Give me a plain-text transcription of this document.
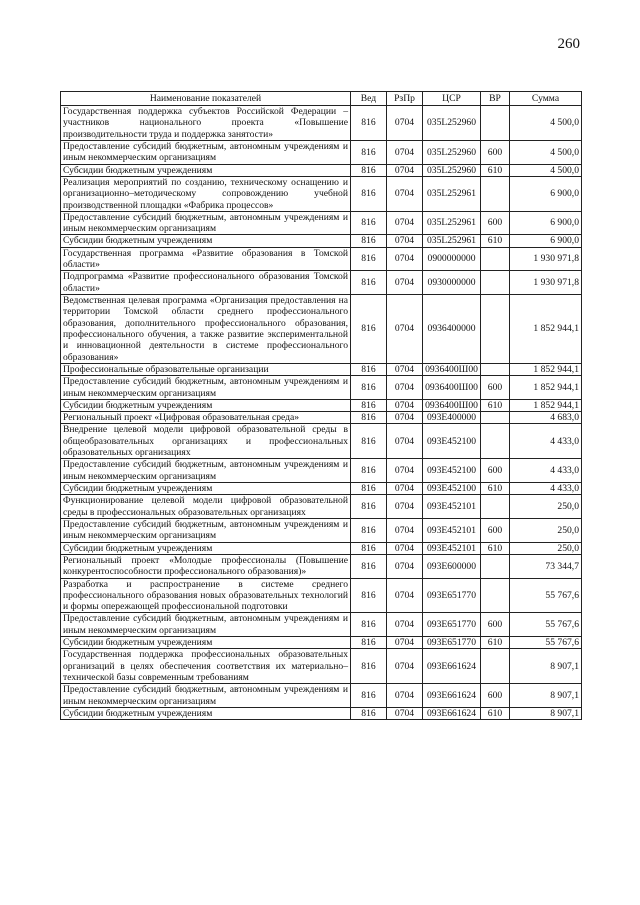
260
Наименование показателей	Вед	РзПр	ЦСР	ВР	Сумма
Государственная поддержка субъектов Российской Федерации – участников национального проекта «Повышение производительности труда и поддержка занятости»	816	0704	035L252960		4 500,0
Предоставление субсидий бюджетным, автономным учреждениям и иным некоммерческим организациям	816	0704	035L252960	600	4 500,0
Субсидии бюджетным учреждениям	816	0704	035L252960	610	4 500,0
Реализация мероприятий по созданию, техническому оснащению и организационно–методическому сопровождению учебной производственной площадки «Фабрика процессов»	816	0704	035L252961		6 900,0
Предоставление субсидий бюджетным, автономным учреждениям и иным некоммерческим организациям	816	0704	035L252961	600	6 900,0
Субсидии бюджетным учреждениям	816	0704	035L252961	610	6 900,0
Государственная программа «Развитие образования в Томской области»	816	0704	0900000000		1 930 971,8
Подпрограмма «Развитие профессионального образования Томской области»	816	0704	0930000000		1 930 971,8
Ведомственная целевая программа «Организация предоставления на территории Томской области среднего профессионального образования, дополнительного профессионального образования, профессионального обучения, а также развитие экспериментальной и инновационной деятельности в системе профессионального образования»	816	0704	0936400000		1 852 944,1
Профессиональные образовательные организации	816	0704	0936400Ш00		1 852 944,1
Предоставление субсидий бюджетным, автономным учреждениям и иным некоммерческим организациям	816	0704	0936400Ш00	600	1 852 944,1
Субсидии бюджетным учреждениям	816	0704	0936400Ш00	610	1 852 944,1
Региональный проект «Цифровая образовательная среда»	816	0704	093Е400000		4 683,0
Внедрение целевой модели цифровой образовательной среды в общеобразовательных организациях и профессиональных образовательных организациях	816	0704	093Е452100		4 433,0
Предоставление субсидий бюджетным, автономным учреждениям и иным некоммерческим организациям	816	0704	093Е452100	600	4 433,0
Субсидии бюджетным учреждениям	816	0704	093Е452100	610	4 433,0
Функционирование целевой модели цифровой образовательной среды в профессиональных образовательных организациях	816	0704	093Е452101		250,0
Предоставление субсидий бюджетным, автономным учреждениям и иным некоммерческим организациям	816	0704	093Е452101	600	250,0
Субсидии бюджетным учреждениям	816	0704	093Е452101	610	250,0
Региональный проект «Молодые профессионалы (Повышение конкурентоспособности профессионального образования)»	816	0704	093Е600000		73 344,7
Разработка и распространение в системе среднего профессионального образования новых образовательных технологий и формы опережающей профессиональной подготовки	816	0704	093Е651770		55 767,6
Предоставление субсидий бюджетным, автономным учреждениям и иным некоммерческим организациям	816	0704	093Е651770	600	55 767,6
Субсидии бюджетным учреждениям	816	0704	093Е651770	610	55 767,6
Государственная поддержка профессиональных образовательных организаций в целях обеспечения соответствия их материально–технической базы современным требованиям	816	0704	093Е661624		8 907,1
Предоставление субсидий бюджетным, автономным учреждениям и иным некоммерческим организациям	816	0704	093Е661624	600	8 907,1
Субсидии бюджетным учреждениям	816	0704	093Е661624	610	8 907,1
